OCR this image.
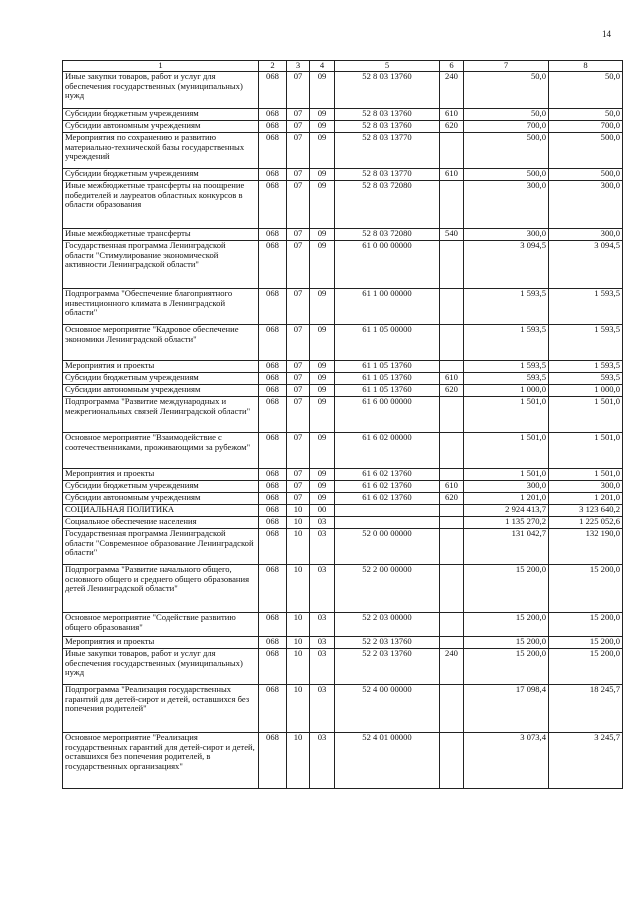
14
1	2	3	4	5	6	7	8
Иные закупки товаров, работ и услуг для обеспечения государственных (муниципальных) нужд	068	07	09	52 8 03 13760	240	50,0	50,0
Субсидии бюджетным учреждениям	068	07	09	52 8 03 13760	610	50,0	50,0
Субсидии автономным учреждениям	068	07	09	52 8 03 13760	620	700,0	700,0
Мероприятия по сохранению и развитию материально-технической базы государственных учреждений	068	07	09	52 8 03 13770		500,0	500,0
Субсидии бюджетным учреждениям	068	07	09	52 8 03 13770	610	500,0	500,0
Иные межбюджетные трансферты на поощрение победителей и лауреатов областных конкурсов в области образования	068	07	09	52 8 03 72080		300,0	300,0
Иные межбюджетные трансферты	068	07	09	52 8 03 72080	540	300,0	300,0
Государственная программа Ленинградской области "Стимулирование экономической активности Ленинградской области"	068	07	09	61 0 00 00000		3 094,5	3 094,5
Подпрограмма "Обеспечение благоприятного инвестиционного климата в Ленинградской области"	068	07	09	61 1 00 00000		1 593,5	1 593,5
Основное мероприятие "Кадровое обеспечение экономики Ленинградской области"	068	07	09	61 1 05 00000		1 593,5	1 593,5
Мероприятия и проекты	068	07	09	61 1 05 13760		1 593,5	1 593,5
Субсидии бюджетным учреждениям	068	07	09	61 1 05 13760	610	593,5	593,5
Субсидии автономным учреждениям	068	07	09	61 1 05 13760	620	1 000,0	1 000,0
Подпрограмма "Развитие международных и межрегиональных связей Ленинградской области"	068	07	09	61 6 00 00000		1 501,0	1 501,0
Основное мероприятие "Взаимодействие с соотечественниками, проживающими за рубежом"	068	07	09	61 6 02 00000		1 501,0	1 501,0
Мероприятия и проекты	068	07	09	61 6 02 13760		1 501,0	1 501,0
Субсидии бюджетным учреждениям	068	07	09	61 6 02 13760	610	300,0	300,0
Субсидии автономным учреждениям	068	07	09	61 6 02 13760	620	1 201,0	1 201,0
СОЦИАЛЬНАЯ ПОЛИТИКА	068	10	00			2 924 413,7	3 123 640,2
Социальное обеспечение населения	068	10	03			1 135 270,2	1 225 052,6
Государственная программа Ленинградской области "Современное образование Ленинградской области"	068	10	03	52 0 00 00000		131 042,7	132 190,0
Подпрограмма "Развитие начального общего, основного общего и среднего общего образования детей Ленинградской области"	068	10	03	52 2 00 00000		15 200,0	15 200,0
Основное мероприятие "Содействие развитию общего образования"	068	10	03	52 2 03 00000		15 200,0	15 200,0
Мероприятия и проекты	068	10	03	52 2 03 13760		15 200,0	15 200,0
Иные закупки товаров, работ и услуг для обеспечения государственных (муниципальных) нужд	068	10	03	52 2 03 13760	240	15 200,0	15 200,0
Подпрограмма "Реализация государственных гарантий для детей-сирот и детей, оставшихся без попечения родителей"	068	10	03	52 4 00 00000		17 098,4	18 245,7
Основное мероприятие "Реализация государственных гарантий для детей-сирот и детей, оставшихся без попечения родителей, в государственных организациях"	068	10	03	52 4 01 00000		3 073,4	3 245,7
